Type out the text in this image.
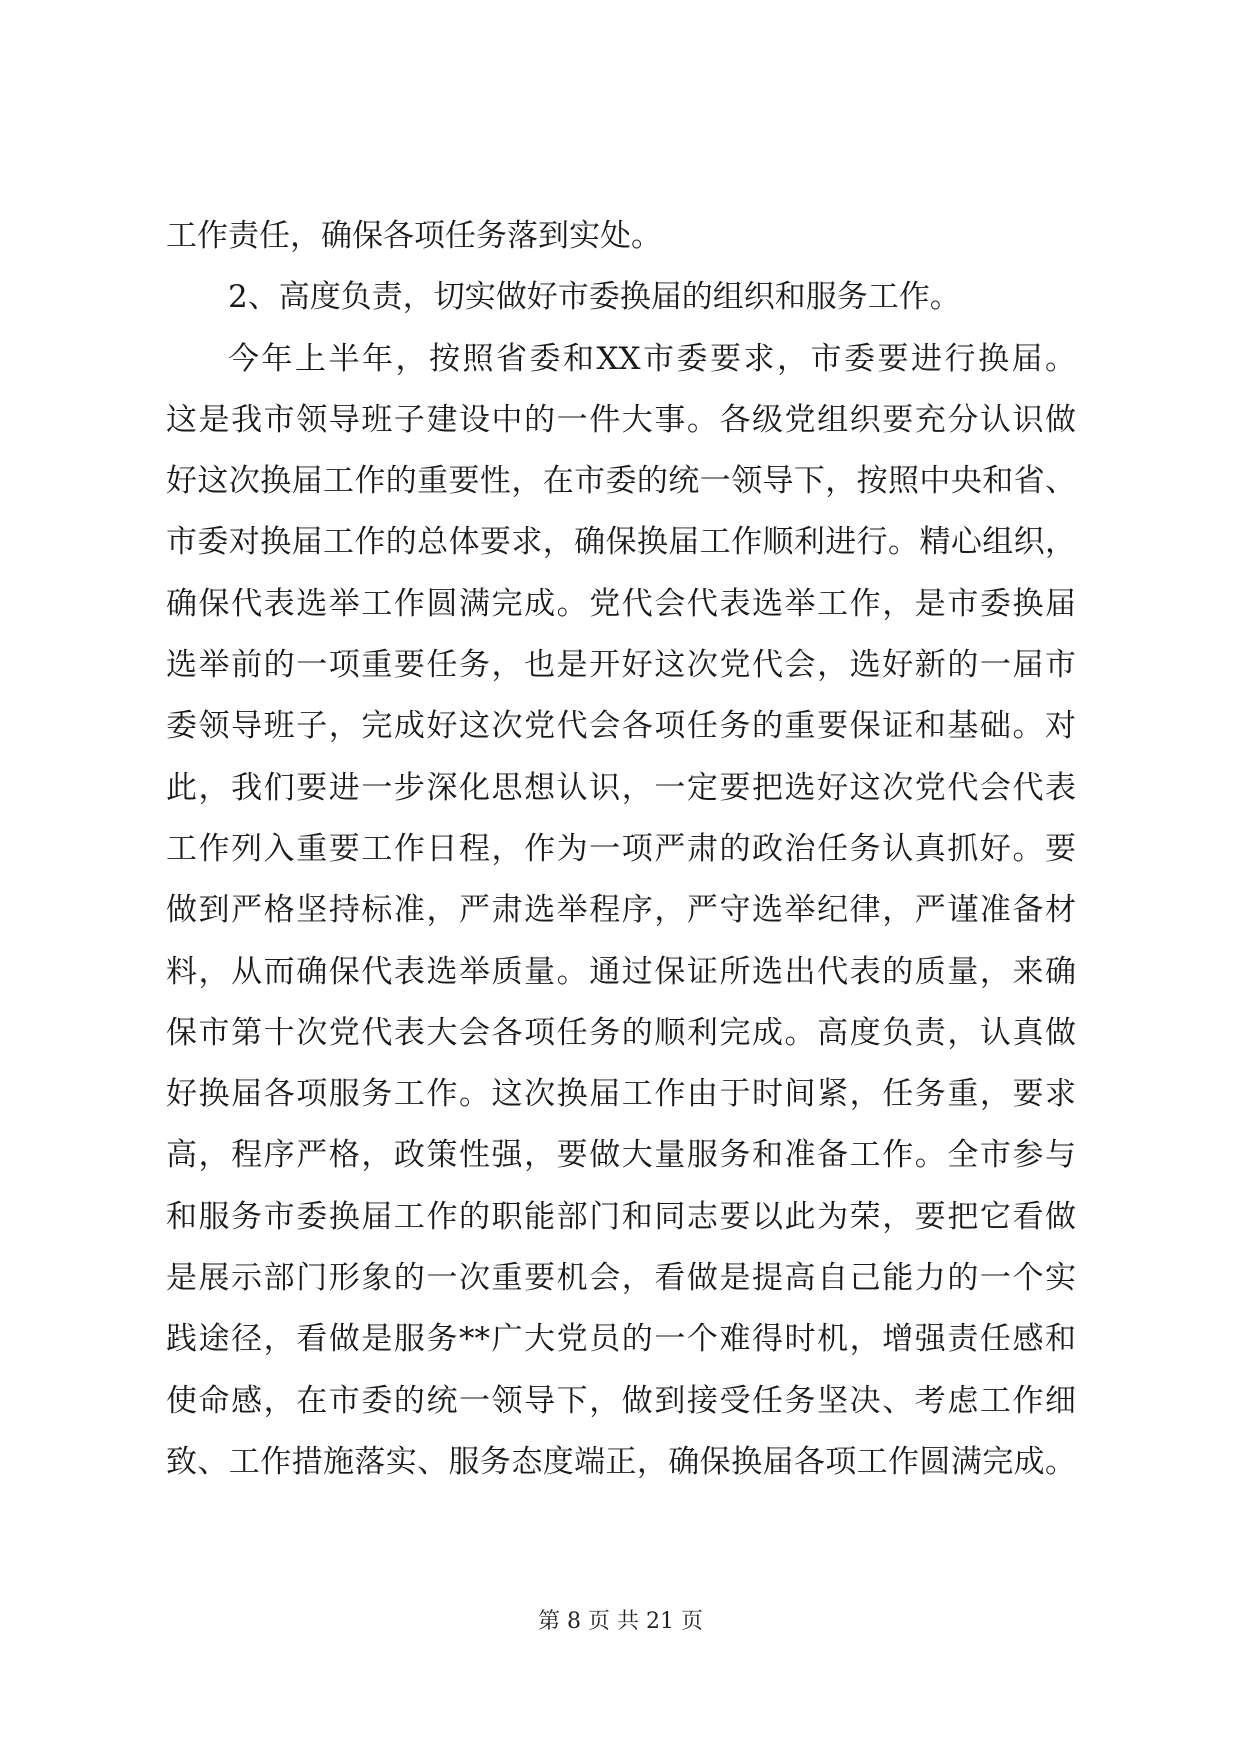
工作责任，确保各项任务落到实处。
2、高度负责，切实做好市委换届的组织和服务工作。
今年上半年，按照省委和XX市委要求，市委要进行换届。
这是我市领导班子建设中的一件大事。各级党组织要充分认识做
好这次换届工作的重要性，在市委的统一领导下，按照中央和省、
市委对换届工作的总体要求，确保换届工作顺利进行。精心组织，
确保代表选举工作圆满完成。党代会代表选举工作，是市委换届
选举前的一项重要任务，也是开好这次党代会，选好新的一届市
委领导班子，完成好这次党代会各项任务的重要保证和基础。对
此，我们要进一步深化思想认识，一定要把选好这次党代会代表
工作列入重要工作日程，作为一项严肃的政治任务认真抓好。要
做到严格坚持标准，严肃选举程序，严守选举纪律，严谨准备材
料，从而确保代表选举质量。通过保证所选出代表的质量，来确
保市第十次党代表大会各项任务的顺利完成。高度负责，认真做
好换届各项服务工作。这次换届工作由于时间紧，任务重，要求
高，程序严格，政策性强，要做大量服务和准备工作。全市参与
和服务市委换届工作的职能部门和同志要以此为荣，要把它看做
是展示部门形象的一次重要机会，看做是提高自己能力的一个实
践途径，看做是服务**广大党员的一个难得时机，增强责任感和
使命感，在市委的统一领导下，做到接受任务坚决、考虑工作细
致、工作措施落实、服务态度端正，确保换届各项工作圆满完成。
第 8 页 共 21 页
